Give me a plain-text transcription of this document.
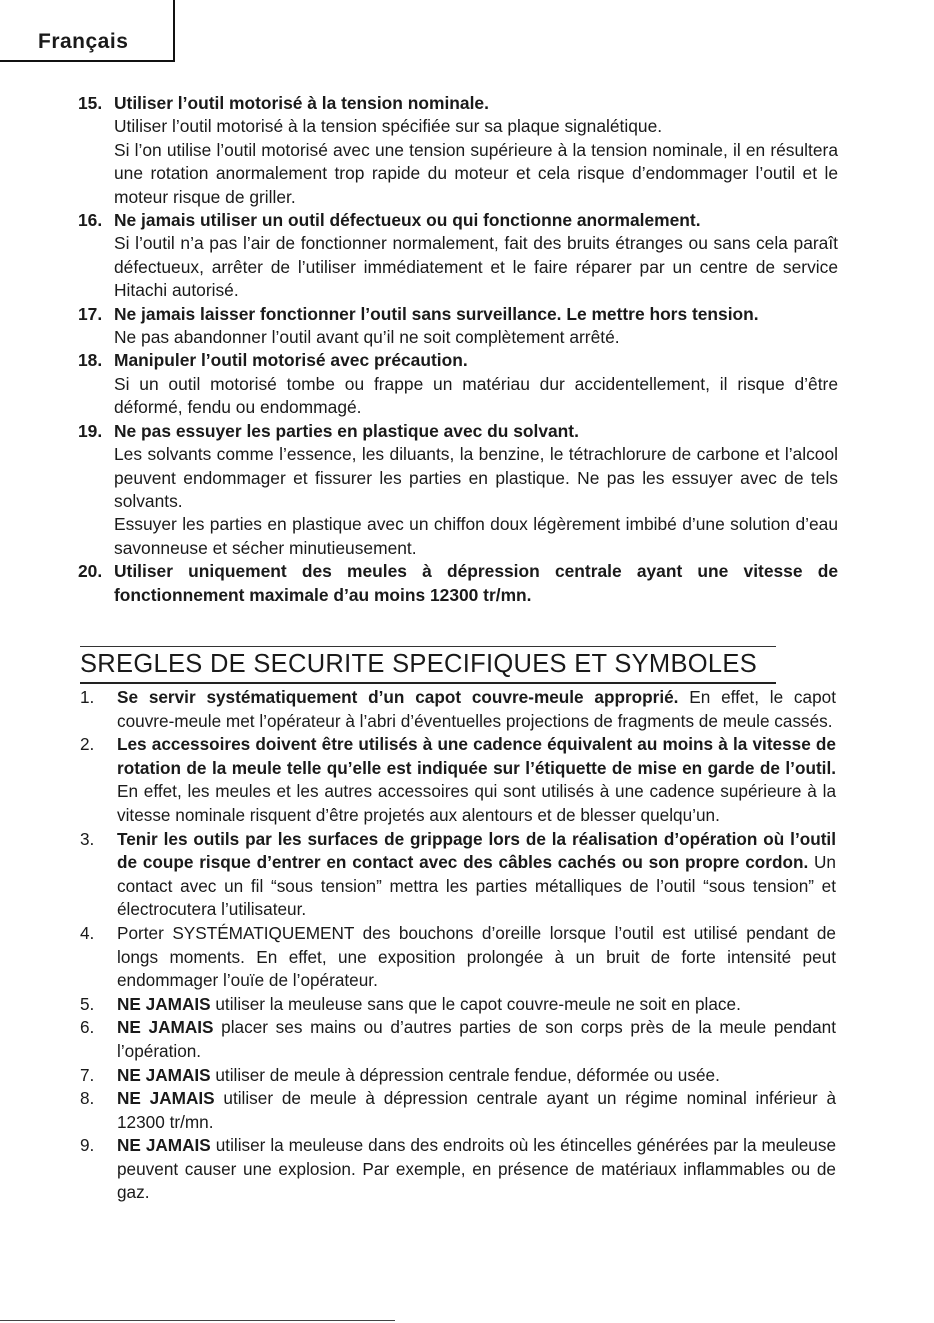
Français
15. Utiliser l’outil motorisé à la tension nominale.

Utiliser l’outil motorisé à la tension spécifiée sur sa plaque signalétique.

Si l’on utilise l’outil motorisé avec une tension supérieure à la tension nominale, il en résultera une rotation anormalement trop rapide du moteur et cela risque d’endommager l’outil et le moteur risque de griller.

16. Ne jamais utiliser un outil défectueux ou qui fonctionne anormalement.

Si l’outil n’a pas l’air de fonctionner normalement, fait des bruits étranges ou sans cela paraît défectueux, arrêter de l’utiliser immédiatement et le faire réparer par un centre de service Hitachi autorisé.

17. Ne jamais laisser fonctionner l’outil sans surveillance. Le mettre hors tension.

Ne pas abandonner l’outil avant qu’il ne soit complètement arrêté.

18. Manipuler l’outil motorisé avec précaution.

Si un outil motorisé tombe ou frappe un matériau dur accidentellement, il risque d’être déformé, fendu ou endommagé.

19. Ne pas essuyer les parties en plastique avec du solvant.

Les solvants comme l’essence, les diluants, la benzine, le tétrachlorure de carbone et l’alcool peuvent endommager et fissurer les parties en plastique. Ne pas les essuyer avec de tels solvants.

Essuyer les parties en plastique avec un chiffon doux légèrement imbibé d’une solution d’eau savonneuse et sécher minutieusement.

20. Utiliser uniquement des meules à dépression centrale ayant une vitesse de fonctionnement maximale d’au moins 12300 tr/mn.

SREGLES DE SECURITE SPECIFIQUES ET SYMBOLES
1. Se servir systématiquement d’un capot couvre-meule approprié. En effet, le capot couvre-meule met l’opérateur à l’abri d’éventuelles projections de fragments de meule cassés.

2. Les accessoires doivent être utilisés à une cadence équivalent au moins à la vitesse de rotation de la meule telle qu’elle est indiquée sur l’étiquette de mise en garde de l’outil. En effet, les meules et les autres accessoires qui sont utilisés à une cadence supérieure à la vitesse nominale risquent d’être projetés aux alentours et de blesser quelqu’un.

3. Tenir les outils par les surfaces de grippage lors de la réalisation d’opération où l’outil de coupe risque d’entrer en contact avec des câbles cachés ou son propre cordon. Un contact avec un fil “sous tension” mettra les parties métalliques de l’outil “sous tension” et électrocutera l’utilisateur.

4. Porter SYSTÉMATIQUEMENT des bouchons d’oreille lorsque l’outil est utilisé pendant de longs moments. En effet, une exposition prolongée à un bruit de forte intensité peut endommager l’ouïe de l’opérateur.

5. NE JAMAIS utiliser la meuleuse sans que le capot couvre-meule ne soit en place.

6. NE JAMAIS placer ses mains ou d’autres parties de son corps près de la meule pendant l’opération.

7. NE JAMAIS utiliser de meule à dépression centrale fendue, déformée ou usée.

8. NE JAMAIS utiliser de meule à dépression centrale ayant un régime nominal inférieur à 12300 tr/mn.

9. NE JAMAIS utiliser la meuleuse dans des endroits où les étincelles générées par la meuleuse peuvent causer une explosion. Par exemple, en présence de matériaux inflammables ou de gaz.
